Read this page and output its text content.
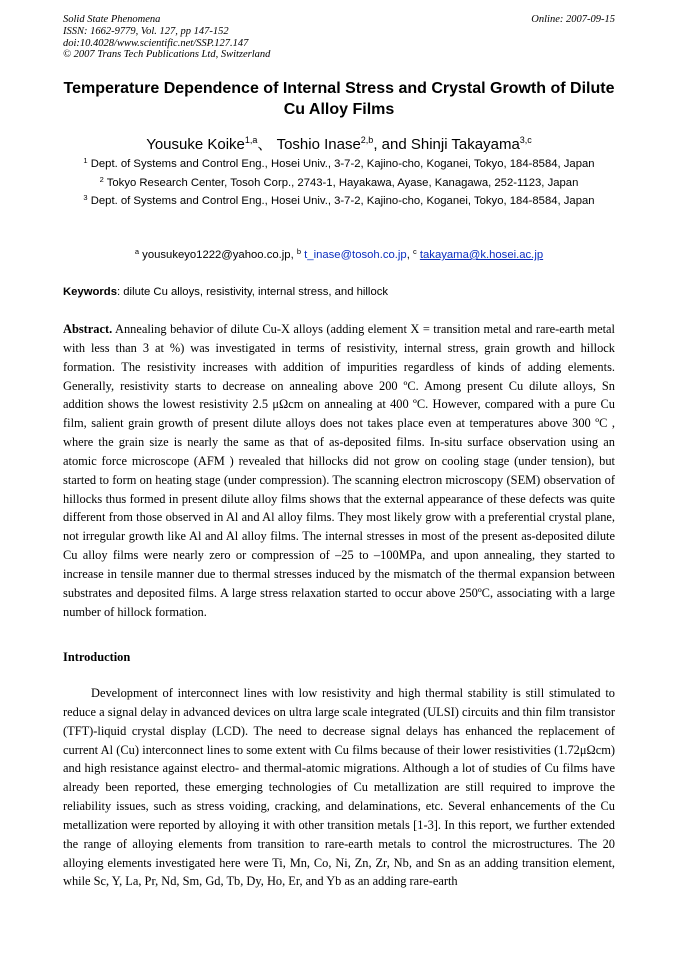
Solid State Phenomena
ISSN: 1662-9779, Vol. 127, pp 147-152
doi:10.4028/www.scientific.net/SSP.127.147
© 2007 Trans Tech Publications Ltd, Switzerland
Online: 2007-09-15
Temperature Dependence of Internal Stress and Crystal Growth of Dilute Cu Alloy Films
Yousuke Koike$^{1,a}$、 Toshio Inase$^{2,b}$, and Shinji Takayama$^{3,c}$
$^1$ Dept. of Systems and Control Eng., Hosei Univ., 3-7-2, Kajino-cho, Koganei, Tokyo, 184-8584, Japan
$^2$ Tokyo Research Center, Tosoh Corp., 2743-1, Hayakawa, Ayase, Kanagawa, 252-1123, Japan
$^3$ Dept. of Systems and Control Eng., Hosei Univ., 3-7-2, Kajino-cho, Koganei, Tokyo, 184-8584, Japan
$^a$ yousukeyo1222@yahoo.co.jp, $^b$ t_inase@tosoh.co.jp, $^c$ takayama@k.hosei.ac.jp
Keywords: dilute Cu alloys, resistivity, internal stress, and hillock
Abstract. Annealing behavior of dilute Cu-X alloys (adding element X = transition metal and rare-earth metal with less than 3 at %) was investigated in terms of resistivity, internal stress, grain growth and hillock formation. The resistivity increases with addition of impurities regardless of kinds of adding elements. Generally, resistivity starts to decrease on annealing above 200 ºC. Among present Cu dilute alloys, Sn addition shows the lowest resistivity 2.5 μΩcm on annealing at 400 ºC. However, compared with a pure Cu film, salient grain growth of present dilute alloys does not takes place even at temperatures above 300 ºC , where the grain size is nearly the same as that of as-deposited films. In-situ surface observation using an atomic force microscope (AFM ) revealed that hillocks did not grow on cooling stage (under tension), but started to form on heating stage (under compression). The scanning electron microscopy (SEM) observation of hillocks thus formed in present dilute alloy films shows that the external appearance of these defects was quite different from those observed in Al and Al alloy films. They most likely grow with a preferential crystal plane, not irregular growth like Al and Al alloy films. The internal stresses in most of the present as-deposited dilute Cu alloy films were nearly zero or compression of –25 to –100MPa, and upon annealing, they started to increase in tensile manner due to thermal stresses induced by the mismatch of the thermal expansion between substrates and deposited films. A large stress relaxation started to occur above 250ºC, associating with a large number of hillock formation.
Introduction
Development of interconnect lines with low resistivity and high thermal stability is still stimulated to reduce a signal delay in advanced devices on ultra large scale integrated (ULSI) circuits and thin film transistor (TFT)-liquid crystal display (LCD). The need to decrease signal delays has enhanced the replacement of current Al (Cu) interconnect lines to some extent with Cu films because of their lower resistivities (1.72μΩcm) and high resistance against electro- and thermal-atomic migrations. Although a lot of studies of Cu films have already been reported, these emerging technologies of Cu metallization are still required to improve the reliability issues, such as stress voiding, cracking, and delaminations, etc. Several enhancements of the Cu metallization were reported by alloying it with other transition metals [1-3]. In this report, we further extended the range of alloying elements from transition to rare-earth metals to control the microstructures. The 20 alloying elements investigated here were Ti, Mn, Co, Ni, Zn, Zr, Nb, and Sn as an adding transition element, while Sc, Y, La, Pr, Nd, Sm, Gd, Tb, Dy, Ho, Er, and Yb as an adding rare-earth
